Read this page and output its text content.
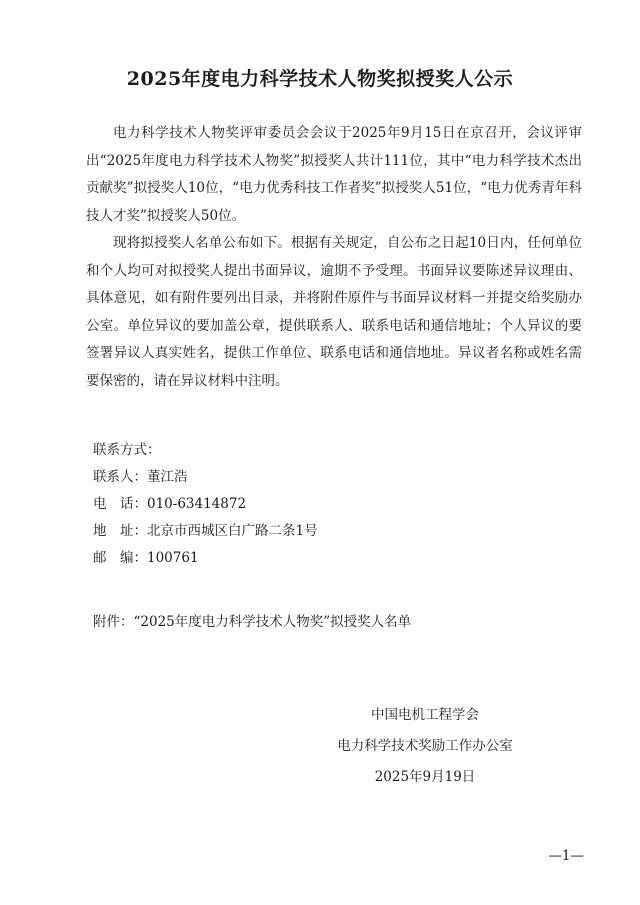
2025年度电力科学技术人物奖拟授奖人公示

电力科学技术人物奖评审委员会会议于2025年9月15日在京召开，会议评审出“2025年度电力科学技术人物奖”拟授奖人共计111位，其中“电力科学技术杰出贡献奖”拟授奖人10位，“电力优秀科技工作者奖”拟授奖人51位，“电力优秀青年科技人才奖”拟授奖人50位。

现将拟授奖人名单公布如下。根据有关规定，自公布之日起10日内，任何单位和个人均可对拟授奖人提出书面异议，逾期不予受理。书面异议要陈述异议理由、具体意见，如有附件要列出目录，并将附件原件与书面异议材料一并提交给奖励办公室。单位异议的要加盖公章，提供联系人、联系电话和通信地址；个人异议的要签署异议人真实姓名，提供工作单位、联系电话和通信地址。异议者名称或姓名需要保密的，请在异议材料中注明。

联系方式：
联系人：董江浩
电　话：010-63414872
地　址：北京市西城区白广路二条1号
邮　编：100761
附件：“2025年度电力科学技术人物奖”拟授奖人名单
中国电机工程学会
电力科学技术奖励工作办公室
2025年9月19日
—1—
